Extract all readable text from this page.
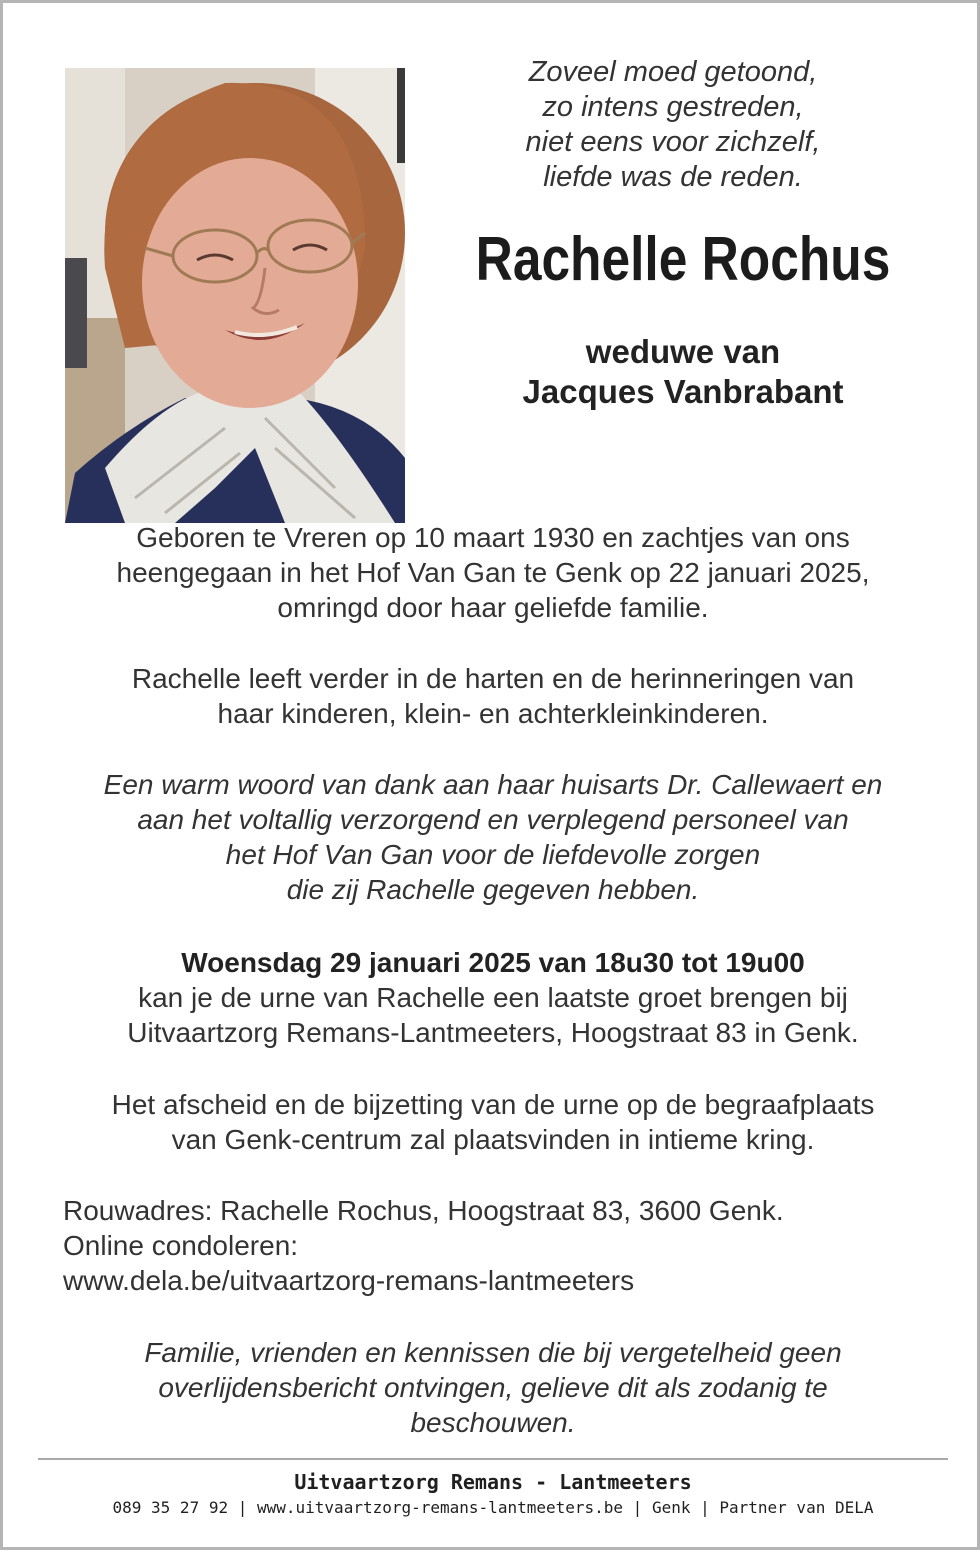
Zoveel moed getoond,
zo intens gestreden,
niet eens voor zichzelf,
liefde was de reden.
Rachelle Rochus
weduwe van
Jacques Vanbrabant
Geboren te Vreren op 10 maart 1930 en zachtjes van ons
heengegaan in het Hof Van Gan te Genk op 22 januari 2025,
omringd door haar geliefde familie.
Rachelle leeft verder in de harten en de herinneringen van
haar kinderen, klein- en achterkleinkinderen.
Een warm woord van dank aan haar huisarts Dr. Callewaert en
aan het voltallig verzorgend en verplegend personeel van
het Hof Van Gan voor de liefdevolle zorgen
die zij Rachelle gegeven hebben.
Woensdag 29 januari 2025 van 18u30 tot 19u00
kan je de urne van Rachelle een laatste groet brengen bij
Uitvaartzorg Remans-Lantmeeters, Hoogstraat 83 in Genk.
Het afscheid en de bijzetting van de urne op de begraafplaats
van Genk-centrum zal plaatsvinden in intieme kring.
Rouwadres: Rachelle Rochus, Hoogstraat 83, 3600 Genk.
Online condoleren:
www.dela.be/uitvaartzorg-remans-lantmeeters
Familie, vrienden en kennissen die bij vergetelheid geen
overlijdensbericht ontvingen, gelieve dit als zodanig te
beschouwen.
Uitvaartzorg Remans - Lantmeeters
089 35 27 92 | www.uitvaartzorg-remans-lantmeeters.be | Genk | Partner van DELA
